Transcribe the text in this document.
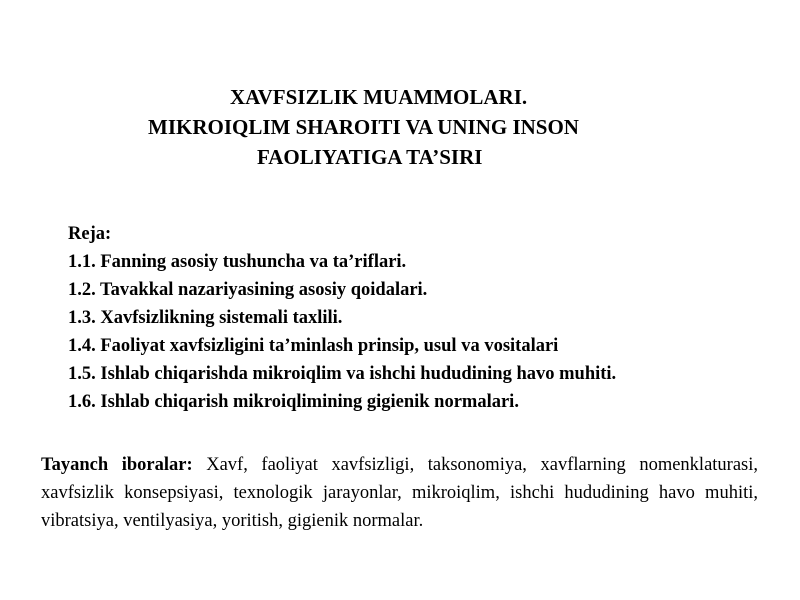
XAVFSIZLIK MUAMMOLARI.
MIKROIQLIM SHAROITI VA UNING INSON
FAOLIYATIGA TA’SIRI
Reja:
1.1. Fanning asosiy tushuncha va ta’riflari.
1.2. Tavakkal nazariyasining asosiy qoidalari.
1.3. Xavfsizlikning sistemali taxlili.
1.4. Faoliyat xavfsizligini ta’minlash prinsip, usul va vositalari
1.5. Ishlab chiqarishda mikroiqlim va ishchi hududining havo muhiti.
1.6. Ishlab chiqarish mikroiqlimining gigienik normalari.
Tayanch iboralar: Xavf, faoliyat xavfsizligi, taksonomiya, xavflarning nomenklaturasi, xavfsizlik konsepsiyasi, texnologik jarayonlar, mikroiqlim, ishchi hududining havo muhiti, vibratsiya, ventilyasiya, yoritish, gigienik normalar.
